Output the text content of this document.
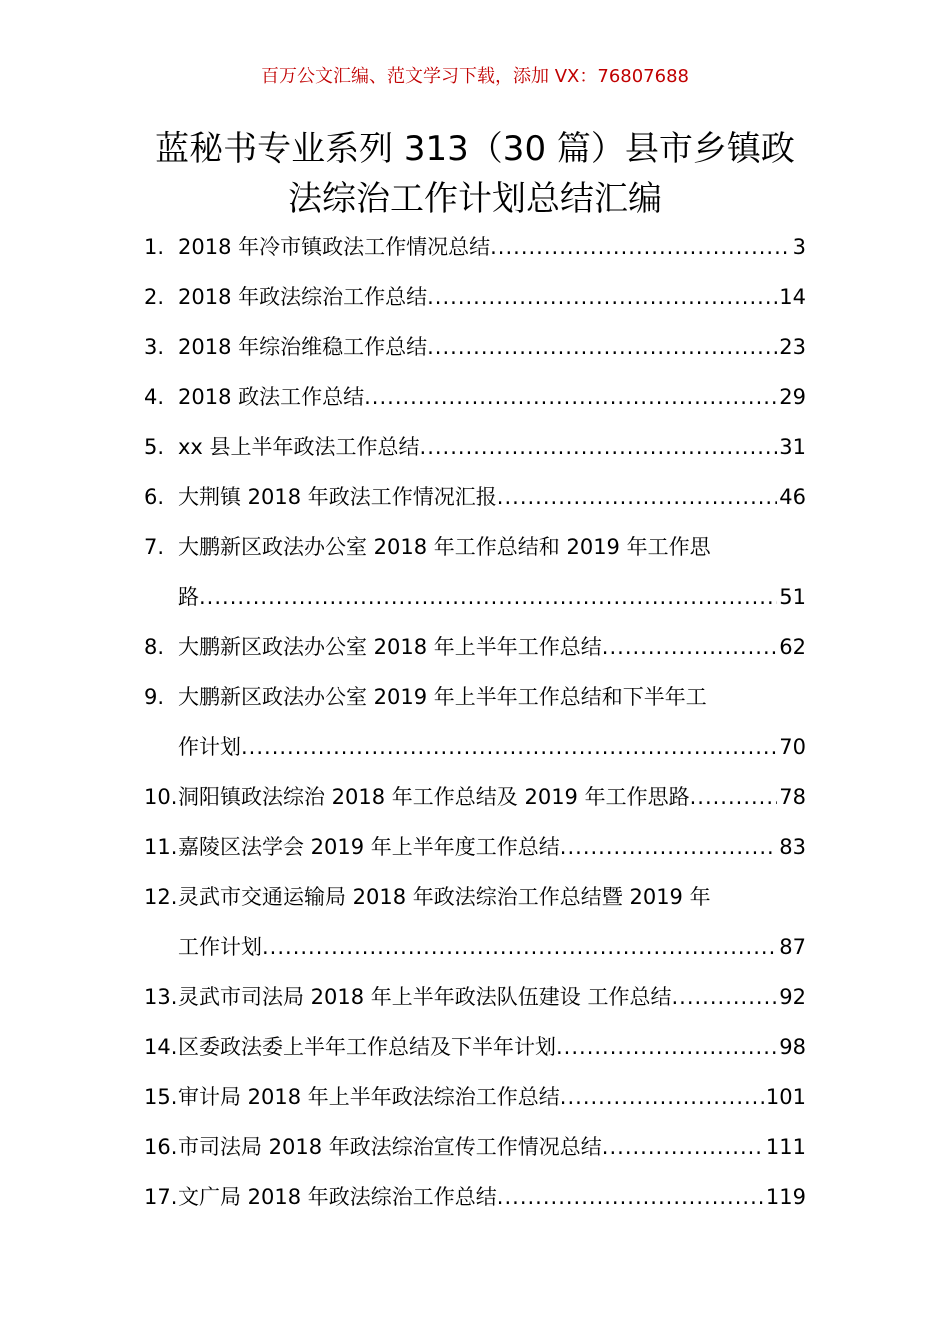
百万公文汇编、范文学习下载，添加 VX：76807688
蓝秘书专业系列 313（30 篇）县市乡镇政
法综治工作计划总结汇编
1. 2018 年冷市镇政法工作情况总结 .....	3
2. 2018 年政法综治工作总结 .....	14
3. 2018 年综治维稳工作总结 .....	23
4. 2018 政法工作总结 .....	29
5. xx 县上半年政法工作总结 .....	31
6. 大荆镇 2018 年政法工作情况汇报 .....	46
7. 大鹏新区政法办公室 2018 年工作总结和 2019 年工作思
路 .....	51
8. 大鹏新区政法办公室 2018 年上半年工作总结 .....	62
9. 大鹏新区政法办公室 2019 年上半年工作总结和下半年工
作计划 .....	70
10. 洞阳镇政法综治 2018 年工作总结及 2019 年工作思路 .....	78
11. 嘉陵区法学会 2019 年上半年度工作总结 .....	83
12. 灵武市交通运输局 2018 年政法综治工作总结暨 2019 年
工作计划 .....	87
13. 灵武市司法局 2018 年上半年政法队伍建设 工作总结 .....	92
14. 区委政法委上半年工作总结及下半年计划 .....	98
15. 审计局 2018 年上半年政法综治工作总结 .....	101
16. 市司法局 2018 年政法综治宣传工作情况总结 .....	111
17. 文广局 2018 年政法综治工作总结 .....	119
